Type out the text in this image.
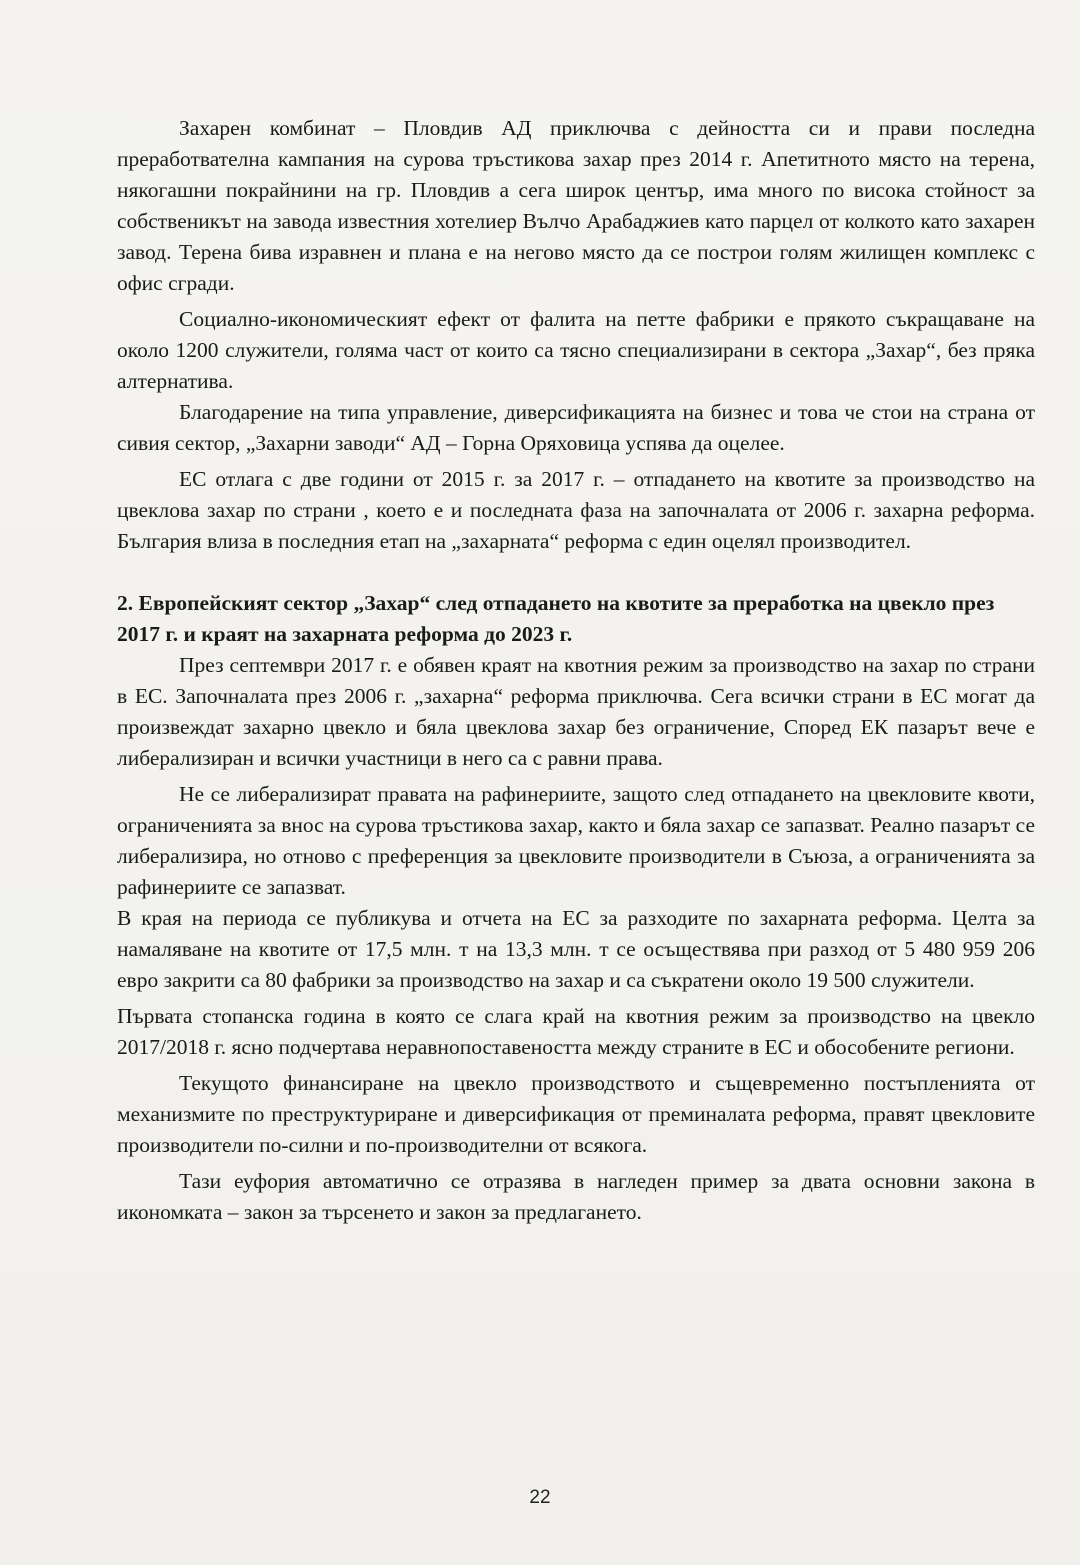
Захарен комбинат – Пловдив АД приключва с дейността си и прави последна преработвателна кампания на сурова тръстикова захар през 2014 г. Апетитното място на терена, някогашни покрайнини на гр. Пловдив а сега широк център, има много по висока стойност за собственикът на завода известния хотелиер Вълчо Арабаджиев като парцел от колкото като захарен завод. Терена бива изравнен и плана е на негово място да се построи голям жилищен комплекс с офис сгради.

Социално-икономическият ефект от фалита на петте фабрики е прякото съкращаване на около 1200 служители, голяма част от които са тясно специализирани в сектора „Захар“, без пряка алтернатива.

Благодарение на типа управление, диверсификацията на бизнес и това че стои на страна от сивия сектор, „Захарни заводи“ АД – Горна Оряховица успява да оцелее.

ЕС отлага с две години от 2015 г. за 2017 г. – отпадането на квотите за производство на цвеклова захар по страни , което е и последната фаза на започналата от 2006 г. захарна реформа. България влиза в последния етап на „захарната“ реформа с един оцелял производител.

2. Европейският сектор „Захар“ след отпадането на квотите за преработка на цвекло през 2017 г. и краят на захарната реформа до 2023 г.

През септември 2017 г. е обявен краят на квотния режим за производство на захар по страни в ЕС. Започналата през 2006 г. „захарна“ реформа приключва. Сега всички страни в ЕС могат да произвеждат захарно цвекло и бяла цвеклова захар без ограничение, Според ЕК пазарът вече е либерализиран и всички участници в него са с равни права.

Не се либерализират правата на рафинериите, защото след отпадането на цвекловите квоти, ограниченията за внос на сурова тръстикова захар, както и бяла захар се запазват. Реално пазарът се либерализира, но отново с преференция за цвекловите производители в Съюза, а ограниченията за рафинериите се запазват.

В края на периода се публикува и отчета на ЕС за разходите по захарната реформа. Целта за намаляване на квотите от 17,5 млн. т на 13,3 млн. т се осъществява при разход от 5 480 959 206 евро закрити са 80 фабрики за производство на захар и са съкратени около 19 500 служители.

Първата стопанска година в която се слага край на квотния режим за производство на цвекло 2017/2018 г. ясно подчертава неравнопоставеността между страните в ЕС и обособените региони.

Текущото финансиране на цвекло производството и същевременно постъпленията от механизмите по преструктуриране и диверсификация от преминалата реформа, правят цвекловите производители по-силни и по-производителни от всякога.

Тази еуфория автоматично се отразява в нагледен пример за двата основни закона в икономката – закон за търсенето и закон за предлагането.

22
